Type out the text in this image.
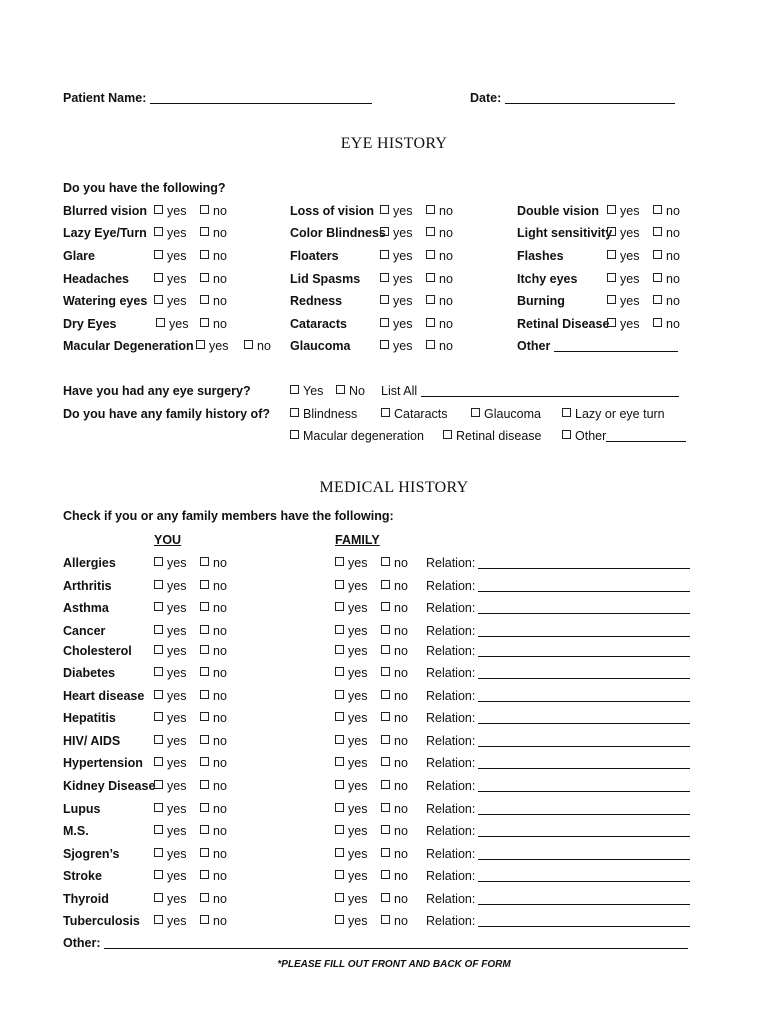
Patient Name:	Date:
EYE HISTORY
Do you have the following?
Blurred vision	yes	no
Lazy Eye/Turn	yes	no
Glare	yes	no
Headaches	yes	no
Watering eyes	yes	no
Dry Eyes	yes	no
Macular Degeneration	yes	no
Loss of vision	yes	no
Color Blindness yes	no
Floaters	yes	no
Lid Spasms	yes	no
Redness	yes	no
Cataracts	yes	no
Glaucoma	yes	no
Double vision	yes	no
Light sensitivity yes	no
Flashes	yes	no
Itchy eyes	yes	no
Burning	yes	no
Retinal Disease yes	no
Other
Have you had any eye surgery?	Yes	No List All
Do you have any family history of?	Blindness	Cataracts	Glaucoma	Lazy or eye turn
Macular degeneration	Retinal disease	Other
MEDICAL HISTORY
Check if you or any family members have the following:
YOU	FAMILY
Allergies	yes	no	yes	no Relation:
Arthritis	yes	no	yes	no Relation:
Asthma	yes	no	yes	no Relation:
Cancer	yes	no	yes	no Relation:
Cholesterol	yes	no	yes	no Relation:
Diabetes	yes	no	yes	no Relation:
Heart disease	yes	no	yes	no Relation:
Hepatitis	yes	no	yes	no Relation:
HIV/ AIDS	yes	no	yes	no Relation:
Hypertension	yes	no	yes	no Relation:
Kidney Disease yes	no	yes	no Relation:
Lupus	yes	no	yes	no Relation:
M.S.	yes	no	yes	no Relation:
Sjogren’s	yes	no	yes	no Relation:
Stroke	yes	no	yes	no Relation:
Thyroid	yes	no	yes	no Relation:
Tuberculosis	yes	no	yes	no Relation:
Other:
*PLEASE FILL OUT FRONT AND BACK OF FORM
